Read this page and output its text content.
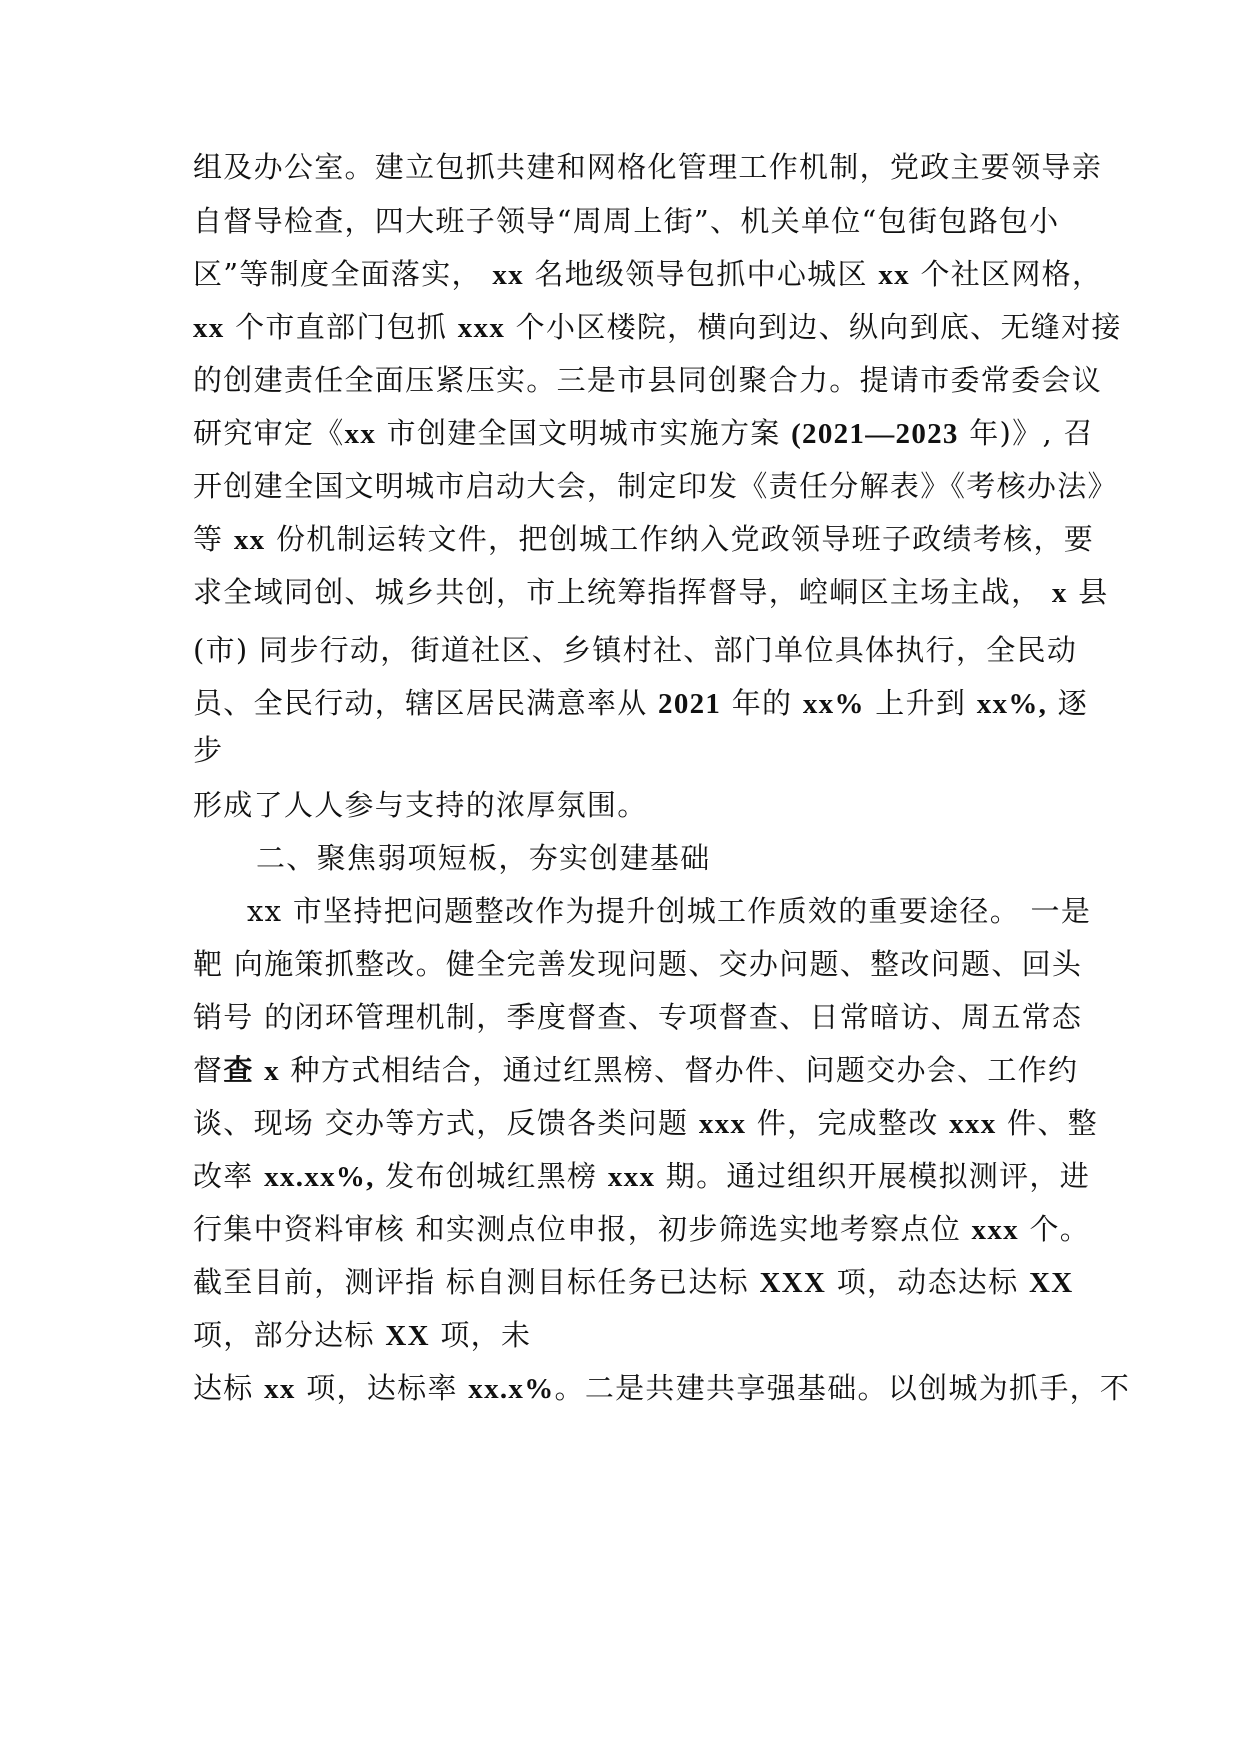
组及办公室。建立包抓共建和网格化管理工作机制，党政主要领导亲
自督导检查，四大班子领导“周周上街”、机关单位“包街包路包小
区”等制度全面落实， xx 名地级领导包抓中心城区 xx 个社区网格，
xx 个市直部门包抓 xxx 个小区楼院，横向到边、纵向到底、无缝对接
的创建责任全面压紧压实。三是市县同创聚合力。提请市委常委会议
研究审定《xx 市创建全国文明城市实施方案 (2021—2023 年)》, 召
开创建全国文明城市启动大会，制定印发《责任分解表》《考核办法》
等 xx 份机制运转文件，把创城工作纳入党政领导班子政绩考核，要
求全域同创、城乡共创，市上统筹指挥督导，崆峒区主场主战， x 县
(市) 同步行动，街道社区、乡镇村社、部门单位具体执行，全民动
员、全民行动，辖区居民满意率从 2021 年的 xx% 上升到 xx%, 逐
步
形成了人人参与支持的浓厚氛围。
二、聚焦弱项短板，夯实创建基础
xx 市坚持把问题整改作为提升创城工作质效的重要途径。 一是
靶 向施策抓整改。健全完善发现问题、交办问题、整改问题、回头
销号 的闭环管理机制，季度督查、专项督查、日常暗访、周五常态
督查 x 种方式相结合，通过红黑榜、督办件、问题交办会、工作约
谈、现场 交办等方式，反馈各类问题 xxx 件，完成整改 xxx 件、整
改率 xx.xx%, 发布创城红黑榜 xxx 期。通过组织开展模拟测评，进
行集中资料审核 和实测点位申报，初步筛选实地考察点位 xxx 个。
截至目前，测评指 标自测目标任务已达标 XXX 项，动态达标 XX
项，部分达标 XX 项，未
达标 xx 项，达标率 xx.x%。二是共建共享强基础。以创城为抓手，不
